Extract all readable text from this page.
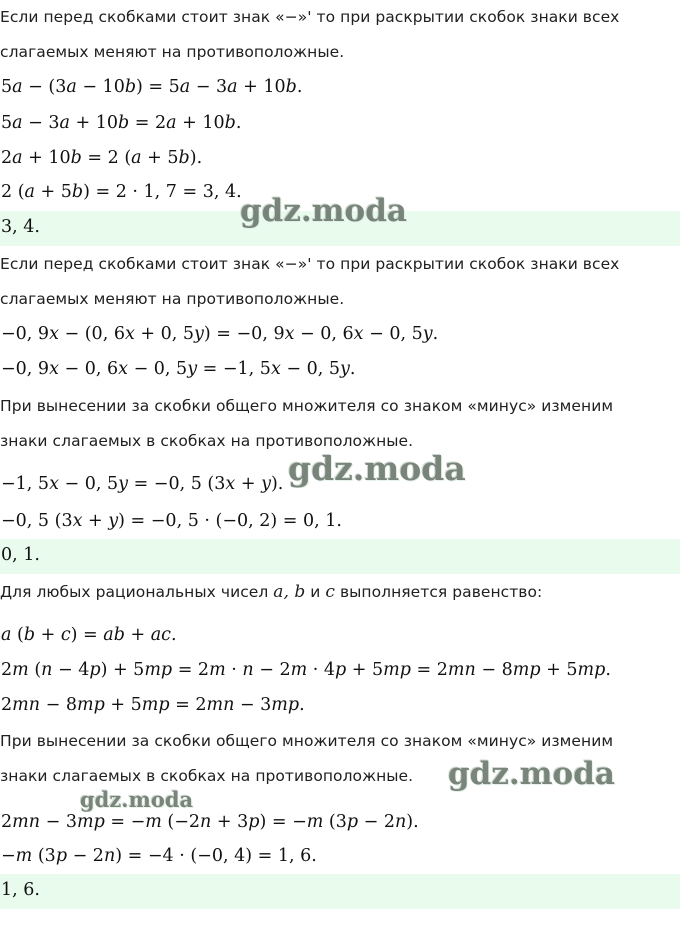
Если перед скобками стоит знак «−»' то при раскрытии скобок знаки всех
слагаемых меняют на противоположные.
5a − (3a − 10b) = 5a − 3a + 10b.
5a − 3a + 10b = 2a + 10b.
2a + 10b = 2 (a + 5b).
2 (a + 5b) = 2 · 1, 7 = 3, 4.
3, 4.	gdz.moda
Если перед скобками стоит знак «−»' то при раскрытии скобок знаки всех
слагаемых меняют на противоположные.
−0, 9x − (0, 6x + 0, 5y) = −0, 9x − 0, 6x − 0, 5y.
−0, 9x − 0, 6x − 0, 5y = −1, 5x − 0, 5y.
При вынесении за скобки общего множителя со знаком «минус» изменим
знаки слагаемых в скобках на противоположные.
−1, 5x − 0, 5y = −0, 5 (3x + y).
−0, 5 (3x + y) = −0, 5 · (−0, 2) = 0, 1.
0, 1.
gdz.moda
Для любых рациональных чисел a, b и c выполняется равенство:
a (b + c) = ab + ac.
2m (n − 4p) + 5mp = 2m · n − 2m · 4p + 5mp = 2mn − 8mp + 5mp.
2mn − 8mp + 5mp = 2mn − 3mp.
При вынесении за скобки общего множителя со знаком «минус» изменим
знаки слагаемых в скобках на противоположные.
2mn − 3mp = −m (−2n + 3p) = −m (3p − 2n).
−m (3p − 2n) = −4 · (−0, 4) = 1, 6.
1, 6.
gdz.moda
gdz.moda
